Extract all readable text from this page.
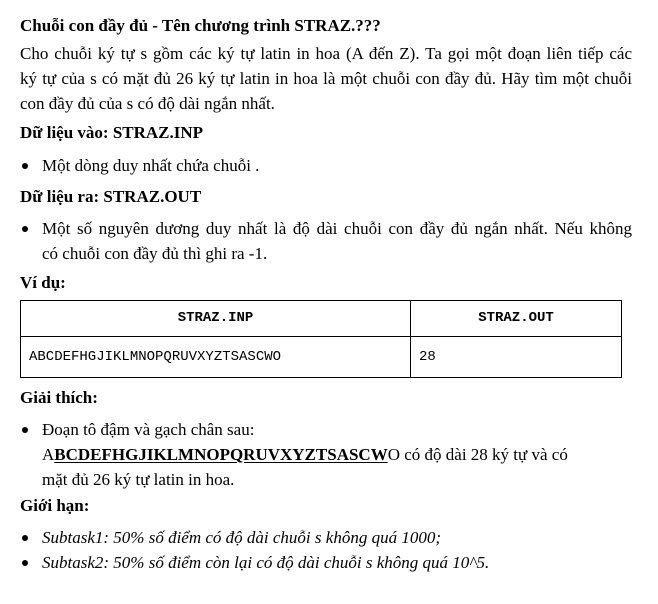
Chuỗi con đầy đủ - Tên chương trình STRAZ.???
Cho chuỗi ký tự s gồm các ký tự latin in hoa (A đến Z). Ta gọi một đoạn liên tiếp các
ký tự của s có mặt đủ 26 ký tự latin in hoa là một chuỗi con đầy đủ. Hãy tìm một chuỗi
con đầy đủ của s có độ dài ngắn nhất.
Dữ liệu vào: STRAZ.INP
Một dòng duy nhất chứa chuỗi .
Dữ liệu ra: STRAZ.OUT
Một số nguyên dương duy nhất là độ dài chuỗi con đầy đủ ngắn nhất. Nếu không
có chuỗi con đầy đủ thì ghi ra -1.
Ví dụ:
STRAZ.INP	STRAZ.OUT
ABCDEFHGJIKLMNOPQRUVXYZTSASCWO	28
Giải thích:
Đoạn tô đậm và gạch chân sau:
ABCDEFHGJIKLMNOPQRUVXYZTSASCWO có độ dài 28 ký tự và có
mặt đủ 26 ký tự latin in hoa.
Giới hạn:
Subtask1: 50% số điểm có độ dài chuỗi s không quá 1000;
Subtask2: 50% số điểm còn lại có độ dài chuỗi s không quá 10^5.
